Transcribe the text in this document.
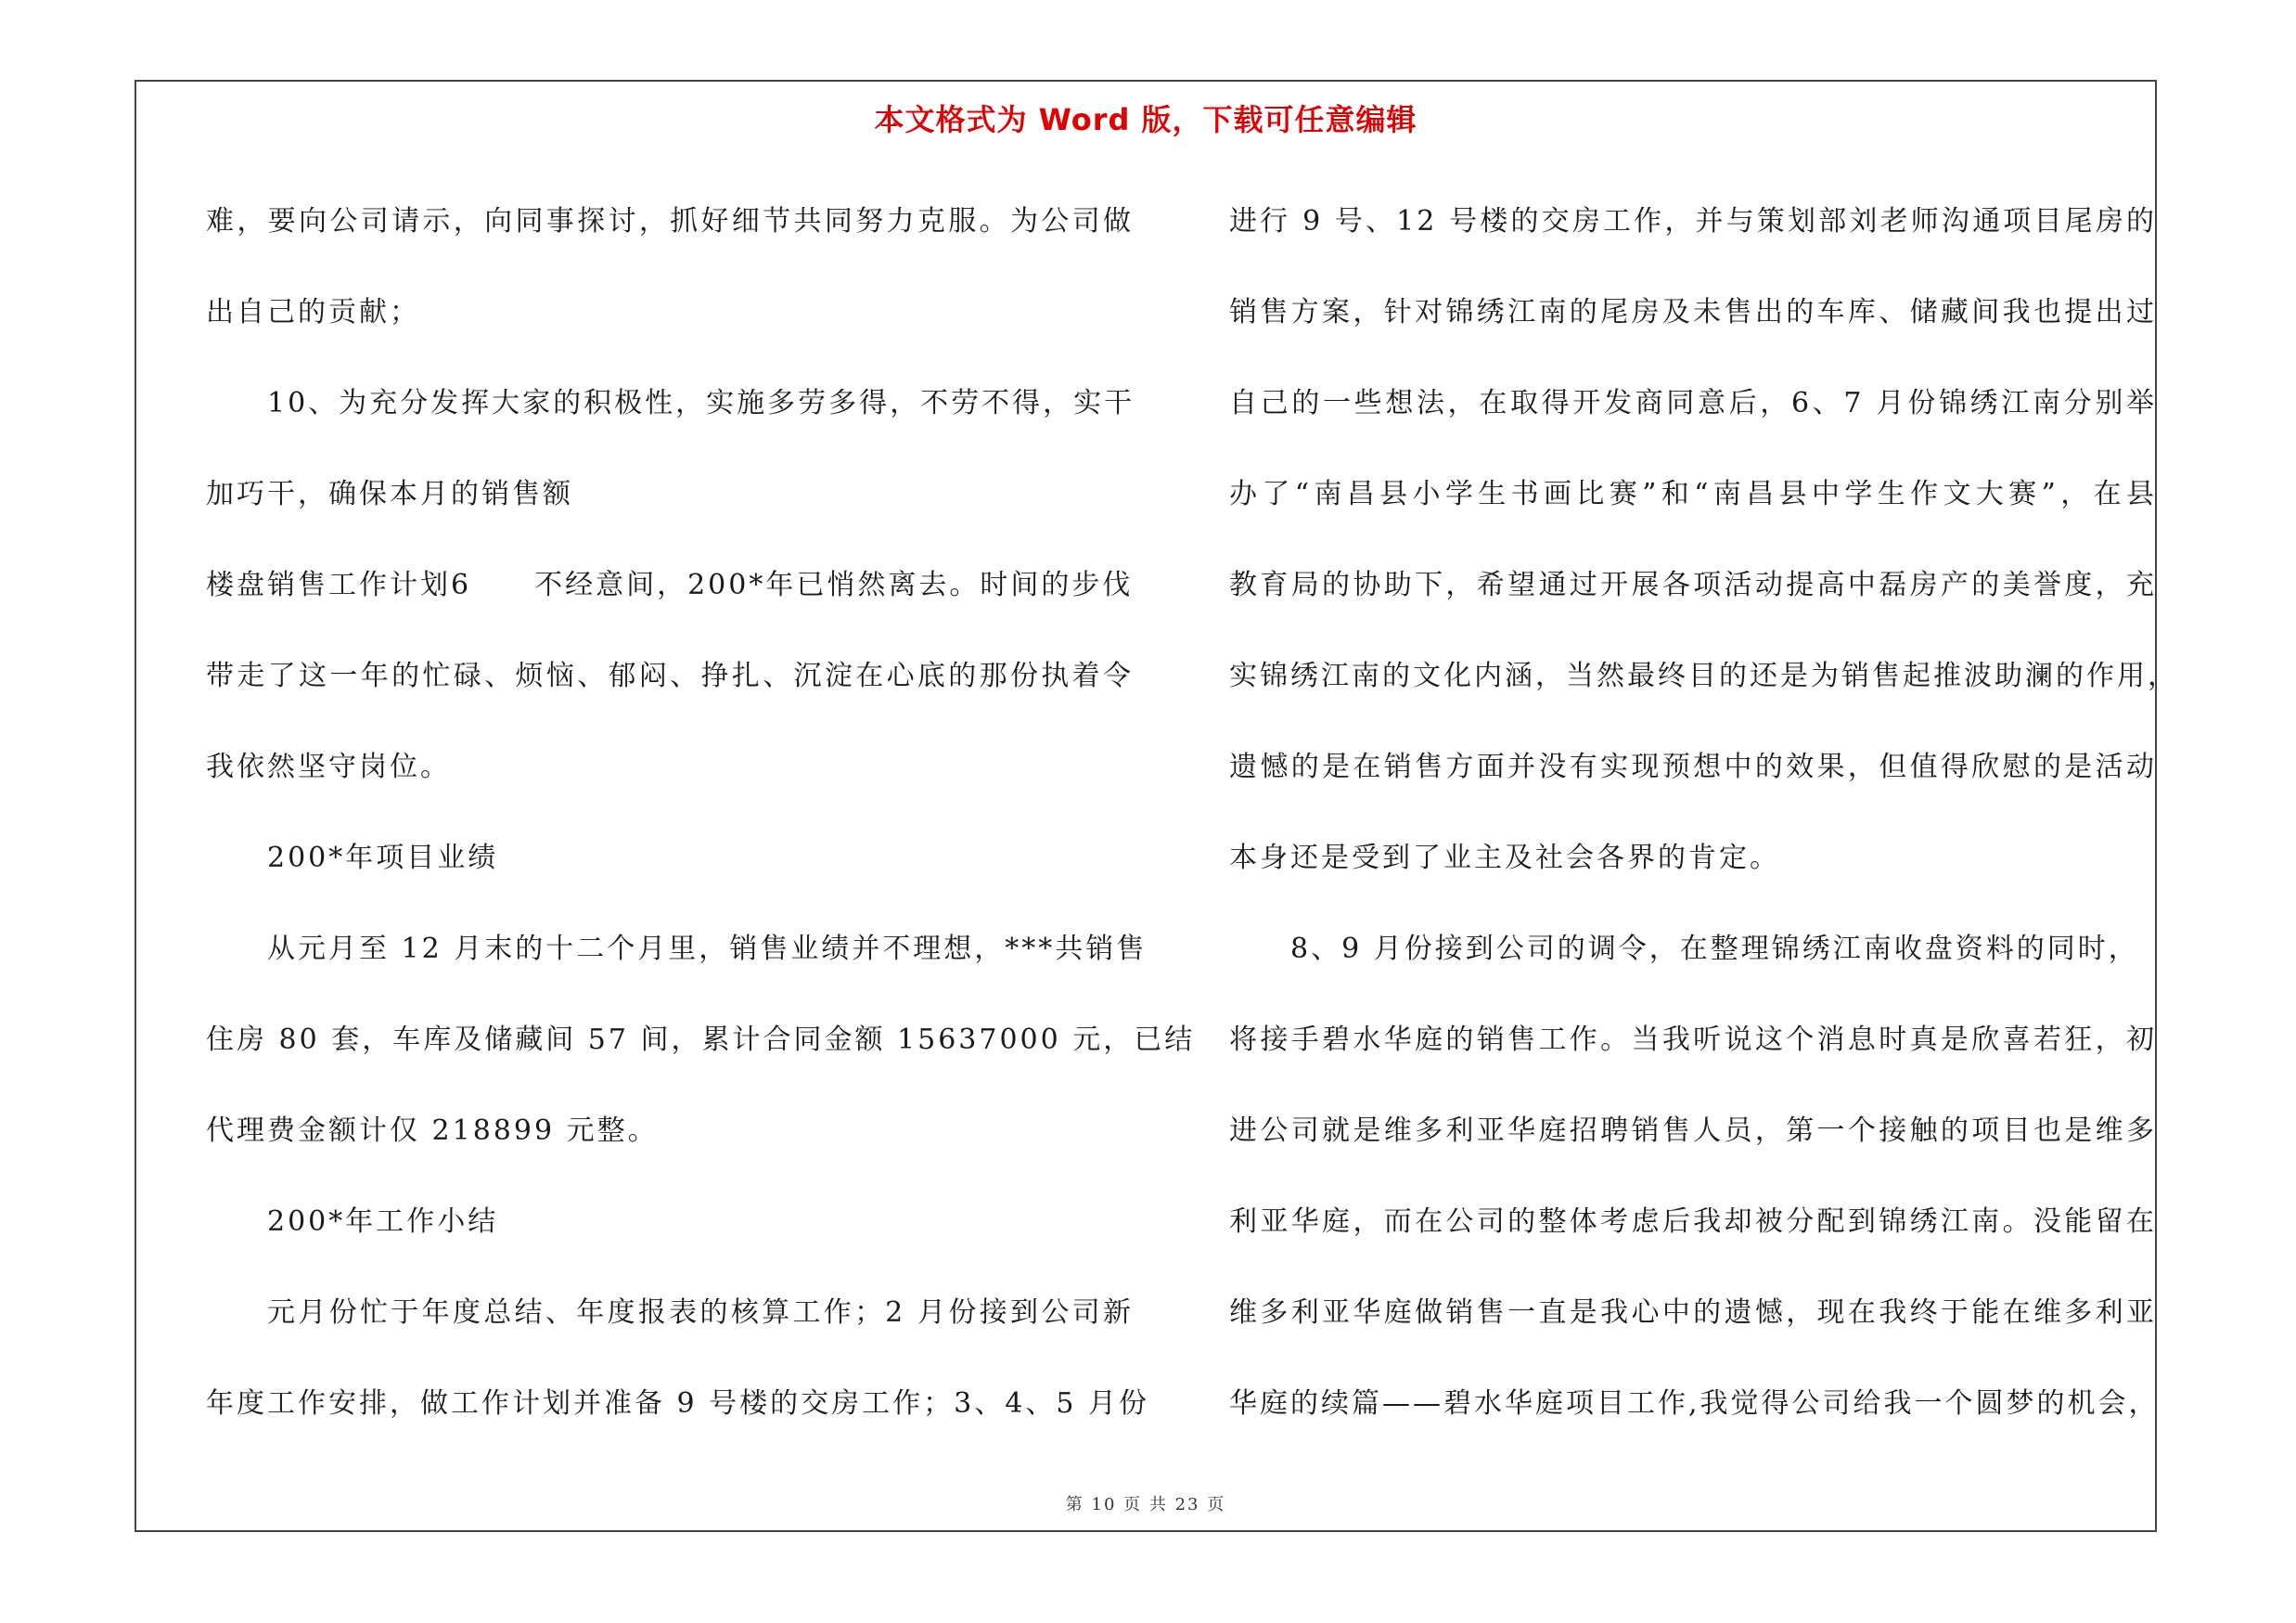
本文格式为 Word 版，下载可任意编辑
难，要向公司请示，向同事探讨，抓好细节共同努力克服。为公司做
出自己的贡献；
10、为充分发挥大家的积极性，实施多劳多得，不劳不得，实干
加巧干，确保本月的销售额
楼盘销售工作计划6 不经意间，200*年已悄然离去。时间的步伐
带走了这一年的忙碌、烦恼、郁闷、挣扎、沉淀在心底的那份执着令
我依然坚守岗位。
200*年项目业绩
从元月至 12 月末的十二个月里，销售业绩并不理想，***共销售
住房 80 套，车库及储藏间 57 间，累计合同金额 15637000 元，已结
代理费金额计仅 218899 元整。
200*年工作小结
元月份忙于年度总结、年度报表的核算工作；2 月份接到公司新
年度工作安排，做工作计划并准备 9 号楼的交房工作；3、4、5 月份
进行 9 号、12 号楼的交房工作，并与策划部刘老师沟通项目尾房的
销售方案，针对锦绣江南的尾房及未售出的车库、储藏间我也提出过
自己的一些想法，在取得开发商同意后，6、7 月份锦绣江南分别举
办了“南昌县小学生书画比赛”和“南昌县中学生作文大赛”，在县
教育局的协助下，希望通过开展各项活动提高中磊房产的美誉度，充
实锦绣江南的文化内涵，当然最终目的还是为销售起推波助澜的作用，
遗憾的是在销售方面并没有实现预想中的效果，但值得欣慰的是活动
本身还是受到了业主及社会各界的肯定。
8、9 月份接到公司的调令，在整理锦绣江南收盘资料的同时，
将接手碧水华庭的销售工作。当我听说这个消息时真是欣喜若狂，初
进公司就是维多利亚华庭招聘销售人员，第一个接触的项目也是维多
利亚华庭，而在公司的整体考虑后我却被分配到锦绣江南。没能留在
维多利亚华庭做销售一直是我心中的遗憾，现在我终于能在维多利亚
华庭的续篇——碧水华庭项目工作,我觉得公司给我一个圆梦的机会，
第 10 页 共 23 页
